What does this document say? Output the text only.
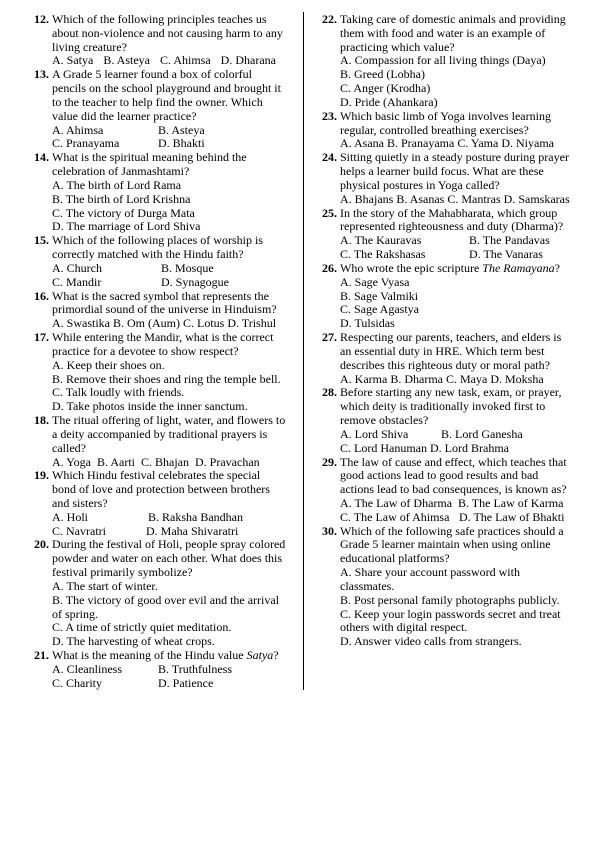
12. Which of the following principles teaches us
about non-violence and not causing harm to any
living creature?
A. Satya B. Asteya C. Ahimsa D. Dharana
13. A Grade 5 learner found a box of colorful
pencils on the school playground and brought it
to the teacher to help find the owner. Which
value did the learner practice?
A. Ahimsa	B. Asteya
C. Pranayama	D. Bhakti
14. What is the spiritual meaning behind the
celebration of Janmashtami?
A. The birth of Lord Rama
B. The birth of Lord Krishna
C. The victory of Durga Mata
D. The marriage of Lord Shiva
15. Which of the following places of worship is
correctly matched with the Hindu faith?
A. Church	B. Mosque
C. Mandir	D. Synagogue
16. What is the sacred symbol that represents the
primordial sound of the universe in Hinduism?
A. Swastika B. Om (Aum) C. Lotus D. Trishul
17. While entering the Mandir, what is the correct
practice for a devotee to show respect?
A. Keep their shoes on.
B. Remove their shoes and ring the temple bell.
C. Talk loudly with friends.
D. Take photos inside the inner sanctum.
18. The ritual offering of light, water, and flowers to
a deity accompanied by traditional prayers is
called?
A. Yoga B. Aarti C. Bhajan D. Pravachan
19. Which Hindu festival celebrates the special
bond of love and protection between brothers
and sisters?
A. Holi	B. Raksha Bandhan
C. Navratri	D. Maha Shivaratri
20. During the festival of Holi, people spray colored
powder and water on each other. What does this
festival primarily symbolize?
A. The start of winter.
B. The victory of good over evil and the arrival
of spring.
C. A time of strictly quiet meditation.
D. The harvesting of wheat crops.
21. What is the meaning of the Hindu value Satya?
A. Cleanliness	B. Truthfulness
C. Charity	D. Patience
22. Taking care of domestic animals and providing
them with food and water is an example of
practicing which value?
A. Compassion for all living things (Daya)
B. Greed (Lobha)
C. Anger (Krodha)
D. Pride (Ahankara)
23. Which basic limb of Yoga involves learning
regular, controlled breathing exercises?
A. Asana B. Pranayama C. Yama D. Niyama
24. Sitting quietly in a steady posture during prayer
helps a learner build focus. What are these
physical postures in Yoga called?
A. Bhajans B. Asanas C. Mantras D. Samskaras
25. In the story of the Mahabharata, which group
represented righteousness and duty (Dharma)?
A. The Kauravas	B. The Pandavas
C. The Rakshasas	D. The Vanaras
26. Who wrote the epic scripture The Ramayana?
A. Sage Vyasa
B. Sage Valmiki
C. Sage Agastya
D. Tulsidas
27. Respecting our parents, teachers, and elders is
an essential duty in HRE. Which term best
describes this righteous duty or moral path?
A. Karma B. Dharma C. Maya D. Moksha
28. Before starting any new task, exam, or prayer,
which deity is traditionally invoked first to
remove obstacles?
A. Lord Shiva	B. Lord Ganesha
C. Lord Hanuman D. Lord Brahma
29. The law of cause and effect, which teaches that
good actions lead to good results and bad
actions lead to bad consequences, is known as?
A. The Law of Dharma B. The Law of Karma
C. The Law of Ahimsa D. The Law of Bhakti
30. Which of the following safe practices should a
Grade 5 learner maintain when using online
educational platforms?
A. Share your account password with
classmates.
B. Post personal family photographs publicly.
C. Keep your login passwords secret and treat
others with digital respect.
D. Answer video calls from strangers.
